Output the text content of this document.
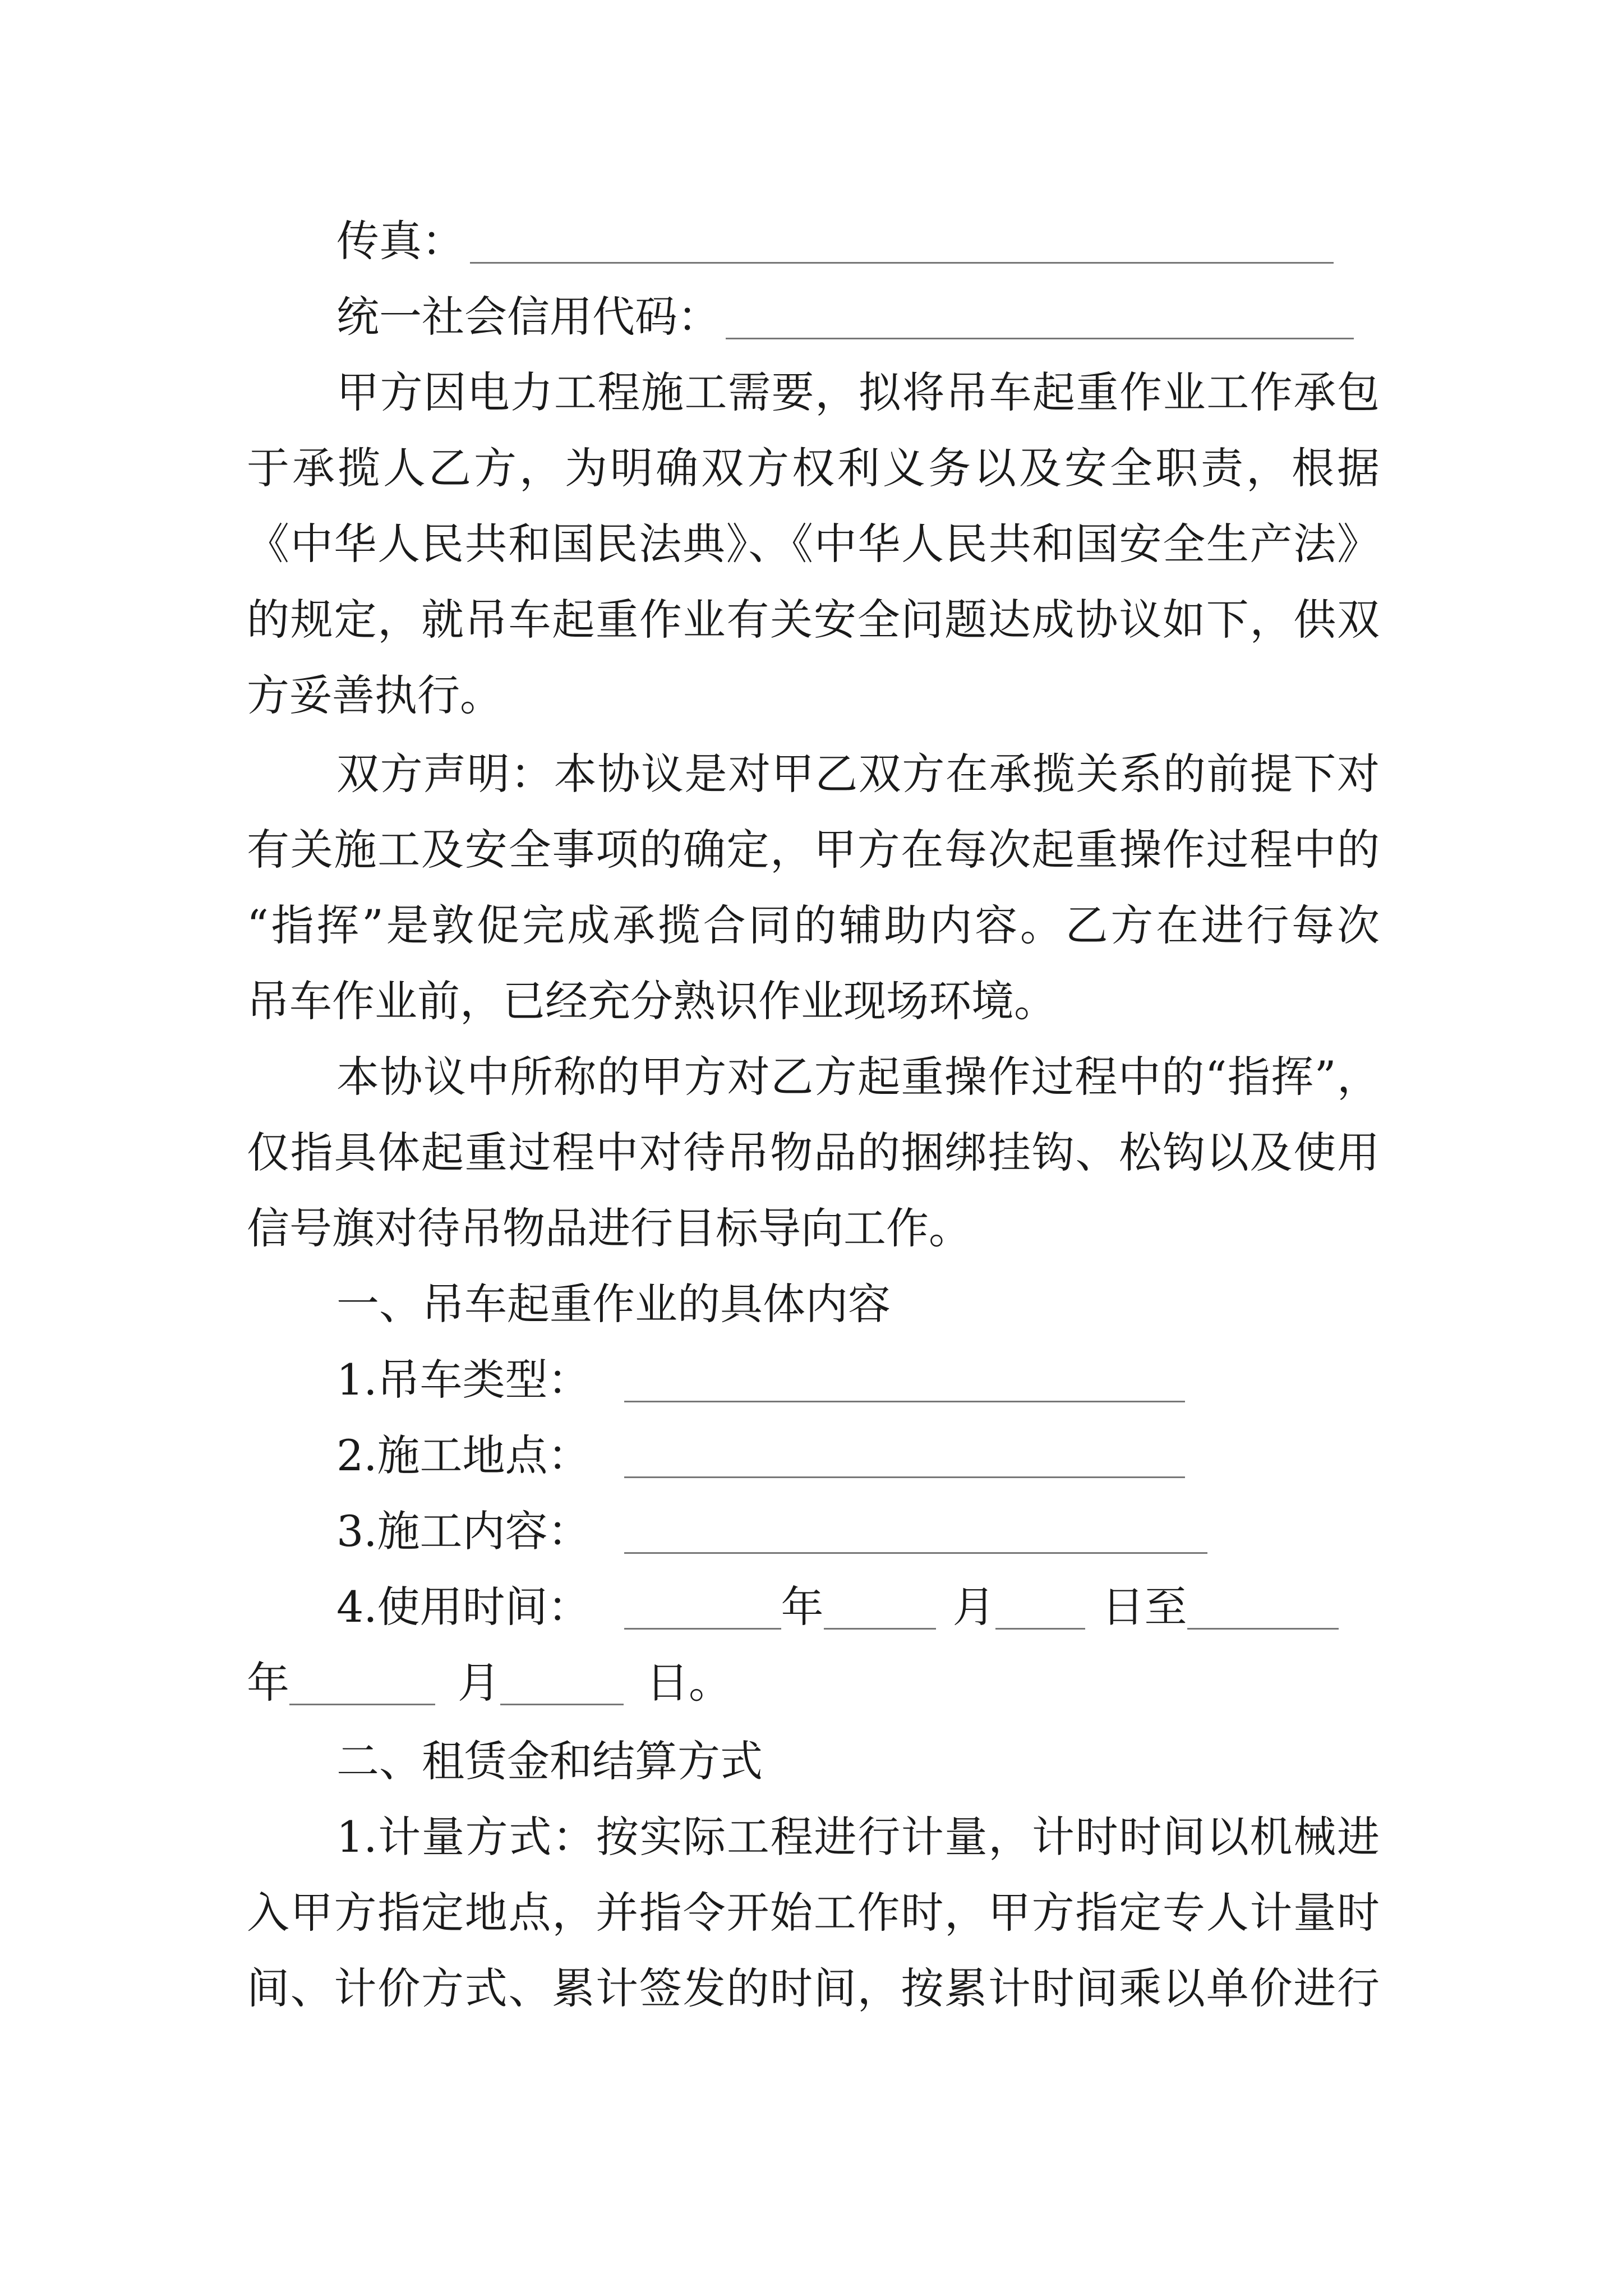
传真：
统一社会信用代码：
甲方因电力工程施工需要，拟将吊车起重作业工作承包
于承揽人乙方，为明确双方权利义务以及安全职责，根据
《中华人民共和国民法典》、《中华人民共和国安全生产法》
的规定，就吊车起重作业有关安全问题达成协议如下，供双
方妥善执行。
双方声明：本协议是对甲乙双方在承揽关系的前提下对
有关施工及安全事项的确定，甲方在每次起重操作过程中的
“指挥”是敦促完成承揽合同的辅助内容。乙方在进行每次
吊车作业前，已经充分熟识作业现场环境。
本协议中所称的甲方对乙方起重操作过程中的“指挥”，
仅指具体起重过程中对待吊物品的捆绑挂钩、松钩以及使用
信号旗对待吊物品进行目标导向工作。
一、吊车起重作业的具体内容
1.吊车类型：
2.施工地点：
3.施工内容：
4.使用时间：	年	月	日至
年	月	日。
二、租赁金和结算方式
1.计量方式：按实际工程进行计量，计时时间以机械进
入甲方指定地点，并指令开始工作时，甲方指定专人计量时
间、计价方式、累计签发的时间，按累计时间乘以单价进行
